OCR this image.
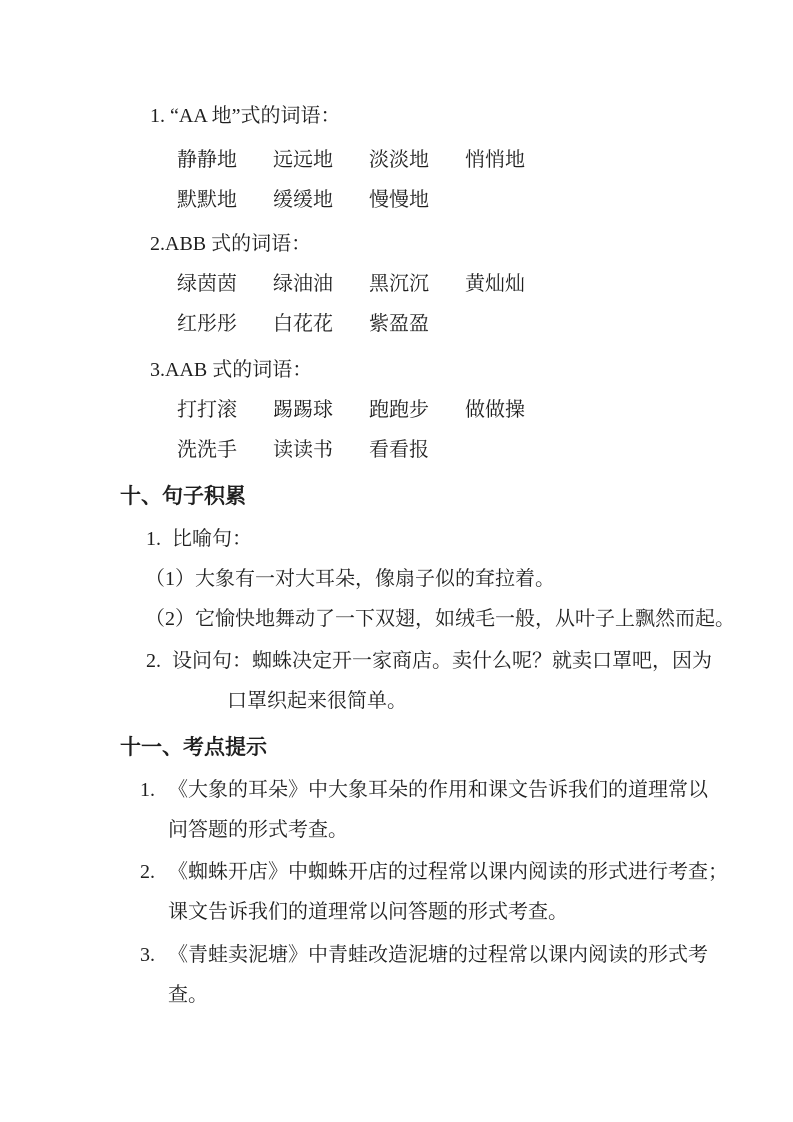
1. “AA 地”式的词语：
静静地 远远地 淡淡地 悄悄地
默默地 缓缓地 慢慢地
2.ABB 式的词语：
绿茵茵 绿油油 黑沉沉 黄灿灿
红彤彤 白花花 紫盈盈
3.AAB 式的词语：
打打滚 踢踢球 跑跑步 做做操
洗洗手 读读书 看看报
十、句子积累
1. 比喻句：
（1）大象有一对大耳朵，像扇子似的耷拉着。
（2）它愉快地舞动了一下双翅，如绒毛一般，从叶子上飘然而起。
2. 设问句：蜘蛛决定开一家商店。卖什么呢？就卖口罩吧，因为
口罩织起来很简单。
十一、考点提示
1. 《大象的耳朵》中大象耳朵的作用和课文告诉我们的道理常以
问答题的形式考查。
2. 《蜘蛛开店》中蜘蛛开店的过程常以课内阅读的形式进行考查；
课文告诉我们的道理常以问答题的形式考查。
3. 《青蛙卖泥塘》中青蛙改造泥塘的过程常以课内阅读的形式考
查。
